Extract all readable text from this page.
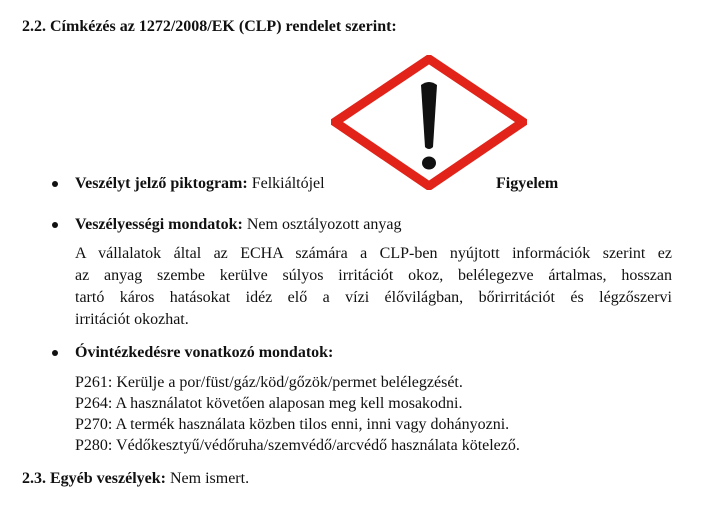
2.2. Címkézés az 1272/2008/EK (CLP) rendelet szerint:
Veszélyt jelző piktogram: Felkiáltójel	Figyelem
Veszélyességi mondatok: Nem osztályozott anyag
A vállalatok által az ECHA számára a CLP-ben nyújtott információk szerint ez
az anyag szembe kerülve súlyos irritációt okoz, belélegezve ártalmas, hosszan
tartó káros hatásokat idéz elő a vízi élővilágban, bőrirritációt és légzőszervi
irritációt okozhat.
Óvintézkedésre vonatkozó mondatok:
P261: Kerülje a por/füst/gáz/köd/gőzök/permet belélegzését.
P264: A használatot követően alaposan meg kell mosakodni.
P270: A termék használata közben tilos enni, inni vagy dohányozni.
P280: Védőkesztyű/védőruha/szemvédő/arcvédő használata kötelező.
2.3. Egyéb veszélyek: Nem ismert.
